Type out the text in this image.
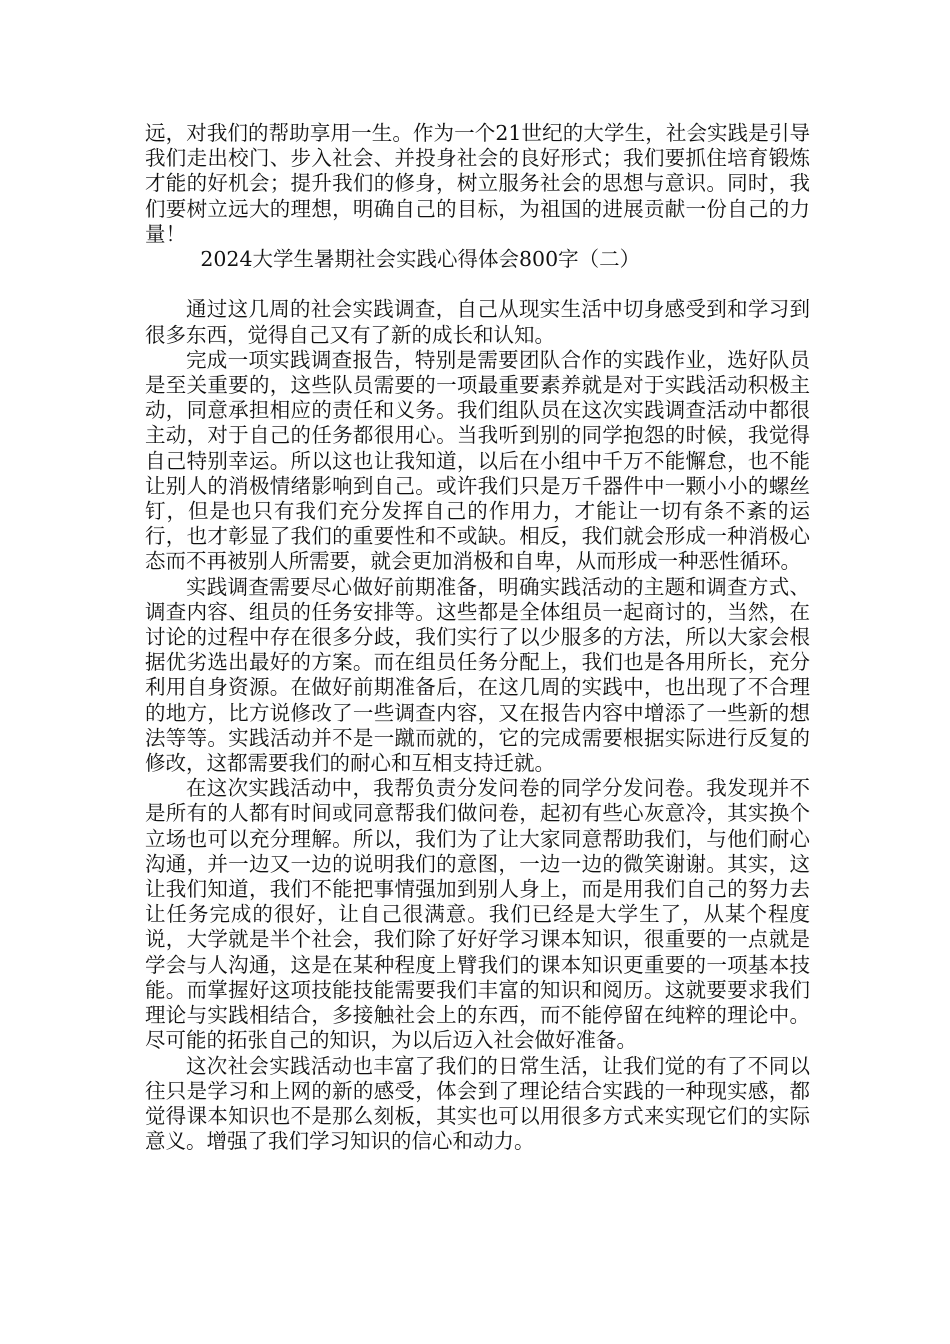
远，对我们的帮助享用一生。作为一个21世纪的大学生，社会实践是引导我们走出校门、步入社会、并投身社会的良好形式；我们要抓住培育锻炼才能的好机会；提升我们的修身，树立服务社会的思想与意识。同时，我们要树立远大的理想，明确自己的目标，为祖国的进展贡献一份自己的力量！

2024大学生暑期社会实践心得体会800字（二）

通过这几周的社会实践调查，自己从现实生活中切身感受到和学习到很多东西，觉得自己又有了新的成长和认知。

完成一项实践调查报告，特别是需要团队合作的实践作业，选好队员是至关重要的，这些队员需要的一项最重要素养就是对于实践活动积极主动，同意承担相应的责任和义务。我们组队员在这次实践调查活动中都很主动，对于自己的任务都很用心。当我听到别的同学抱怨的时候，我觉得自己特别幸运。所以这也让我知道，以后在小组中千万不能懈怠，也不能让别人的消极情绪影响到自己。或许我们只是万千器件中一颗小小的螺丝钉，但是也只有我们充分发挥自己的作用力，才能让一切有条不紊的运行，也才彰显了我们的重要性和不或缺。相反，我们就会形成一种消极心态而不再被别人所需要，就会更加消极和自卑，从而形成一种恶性循环。

实践调查需要尽心做好前期准备，明确实践活动的主题和调查方式、调查内容、组员的任务安排等。这些都是全体组员一起商讨的，当然，在讨论的过程中存在很多分歧，我们实行了以少服多的方法，所以大家会根据优劣选出最好的方案。而在组员任务分配上，我们也是各用所长，充分利用自身资源。在做好前期准备后，在这几周的实践中，也出现了不合理的地方，比方说修改了一些调查内容，又在报告内容中增添了一些新的想法等等。实践活动并不是一蹴而就的，它的完成需要根据实际进行反复的修改，这都需要我们的耐心和互相支持迁就。

在这次实践活动中，我帮负责分发问卷的同学分发问卷。我发现并不是所有的人都有时间或同意帮我们做问卷，起初有些心灰意冷，其实换个立场也可以充分理解。所以，我们为了让大家同意帮助我们，与他们耐心沟通，并一边又一边的说明我们的意图，一边一边的微笑谢谢。其实，这让我们知道，我们不能把事情强加到别人身上，而是用我们自己的努力去让任务完成的很好，让自己很满意。我们已经是大学生了，从某个程度说，大学就是半个社会，我们除了好好学习课本知识，很重要的一点就是学会与人沟通，这是在某种程度上臂我们的课本知识更重要的一项基本技能。而掌握好这项技能技能需要我们丰富的知识和阅历。这就要要求我们理论与实践相结合，多接触社会上的东西，而不能停留在纯粹的理论中。尽可能的拓张自己的知识，为以后迈入社会做好准备。

这次社会实践活动也丰富了我们的日常生活，让我们觉的有了不同以往只是学习和上网的新的感受，体会到了理论结合实践的一种现实感，都觉得课本知识也不是那么刻板，其实也可以用很多方式来实现它们的实际意义。增强了我们学习知识的信心和动力。
